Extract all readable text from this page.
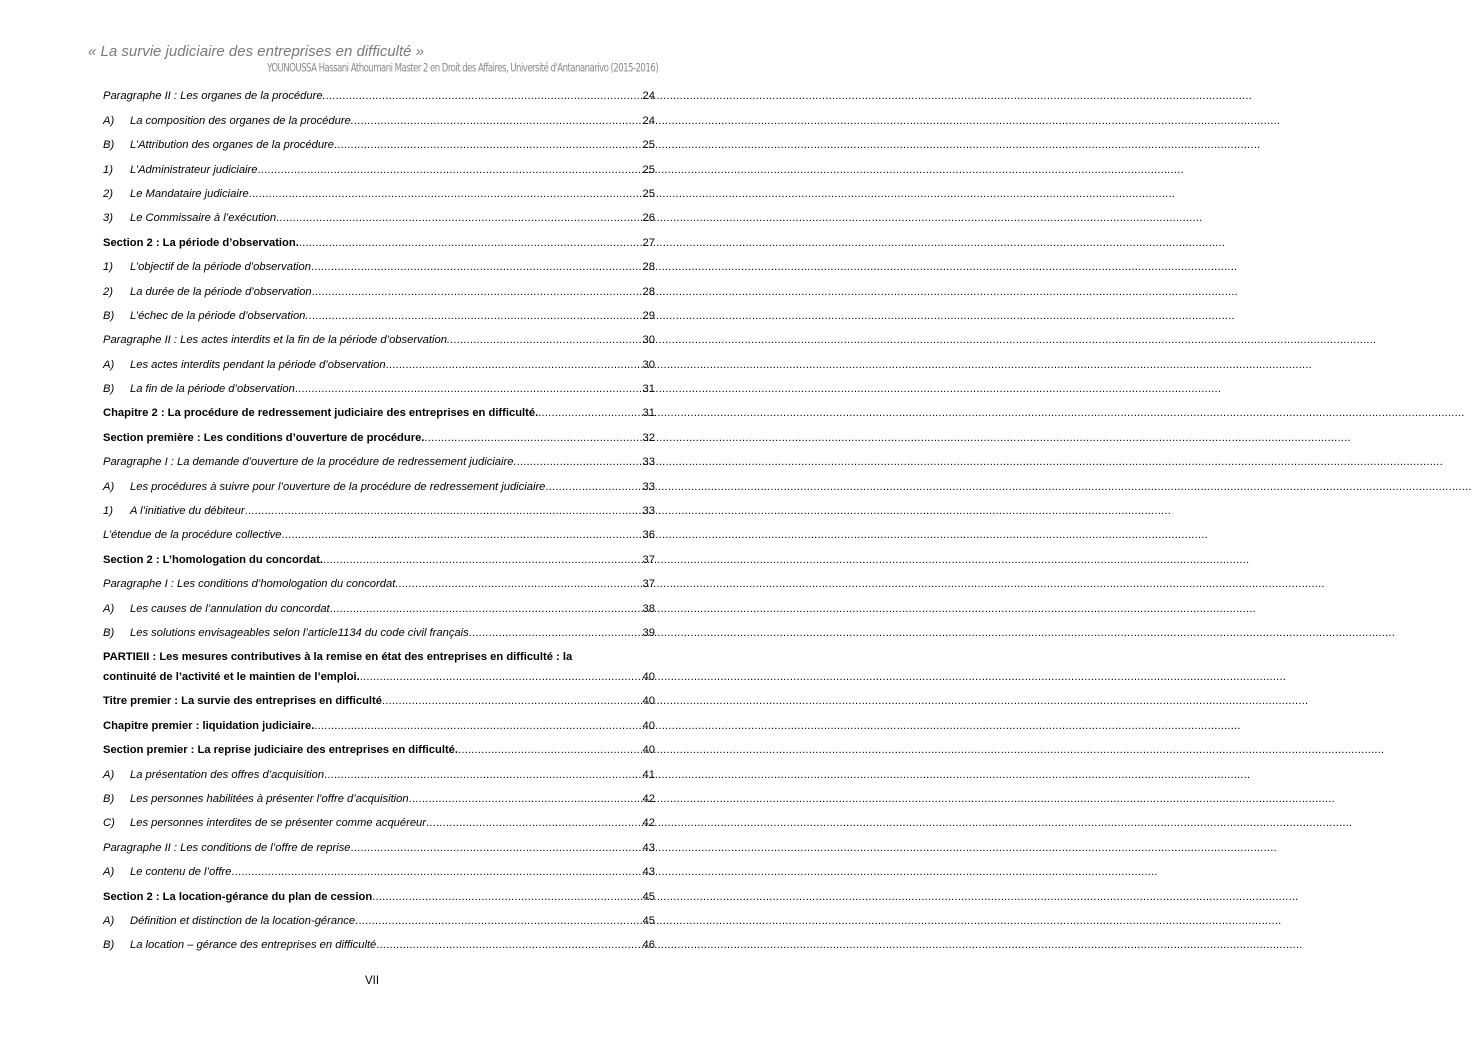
« La survie judiciaire des entreprises en difficulté »
YOUNOUSSA Hassani Athoumani Master 2 en Droit des Affaires, Université d'Antananarivo (2015-2016)
Paragraphe II : Les organes de la procédure. .....	24
A)	La composition des organes de la procédure. .....	24
B)	L’Attribution des organes de la procédure .....	25
1)	L’Administrateur judiciaire .....	25
2)	Le Mandataire judiciaire .....	25
3)	Le Commissaire à l’exécution .....	26
Section 2 : La période d’observation. .....	27
1)	L’objectif de la période d’observation .....	28
2)	La durée de la période d’observation .....	28
B)	L’échec de la période d’observation. .....	29
Paragraphe II : Les actes interdits et la fin de la période d’observation. .....	30
A)	Les actes interdits pendant la période d’observation .....	30
B)	La fin de la période d’observation .....	31
Chapitre 2 : La procédure de redressement judiciaire des entreprises en difficulté. .....	31
Section première : Les conditions d’ouverture de procédure. .....	32
Paragraphe I : La demande d’ouverture de la procédure de redressement judiciaire. .....	33
A)	Les procédures à suivre pour l’ouverture de la procédure de redressement judiciaire .....	33
1)	A l’initiative du débiteur .....	33
L’étendue de la procédure collective .....	36
Section 2 : L’homologation du concordat. .....	37
Paragraphe I : Les conditions d’homologation du concordat. .....	37
A)	Les causes de l’annulation du concordat .....	38
B)	Les solutions envisageables selon l’article1134 du code civil français .....	39
PARTIEII : Les mesures contributives à la remise en état des entreprises en difficulté : la
continuité de l’activité et le maintien de l’emploi. .....	40
Titre premier : La survie des entreprises en difficulté .....	40
Chapitre premier : liquidation judiciaire. .....	40
Section premier : La reprise judiciaire des entreprises en difficulté. .....	40
A)	La présentation des offres d’acquisition .....	41
B)	Les personnes habilitées à présenter l’offre d’acquisition .....	42
C)	Les personnes interdites de se présenter comme acquéreur .....	42
Paragraphe II : Les conditions de l’offre de reprise .....	43
A)	Le contenu de l’offre .....	43
Section 2 : La location-gérance du plan de cession .....	45
A)	Définition et distinction de la location-gérance .....	45
B)	La location – gérance des entreprises en difficulté .....	46
VII
